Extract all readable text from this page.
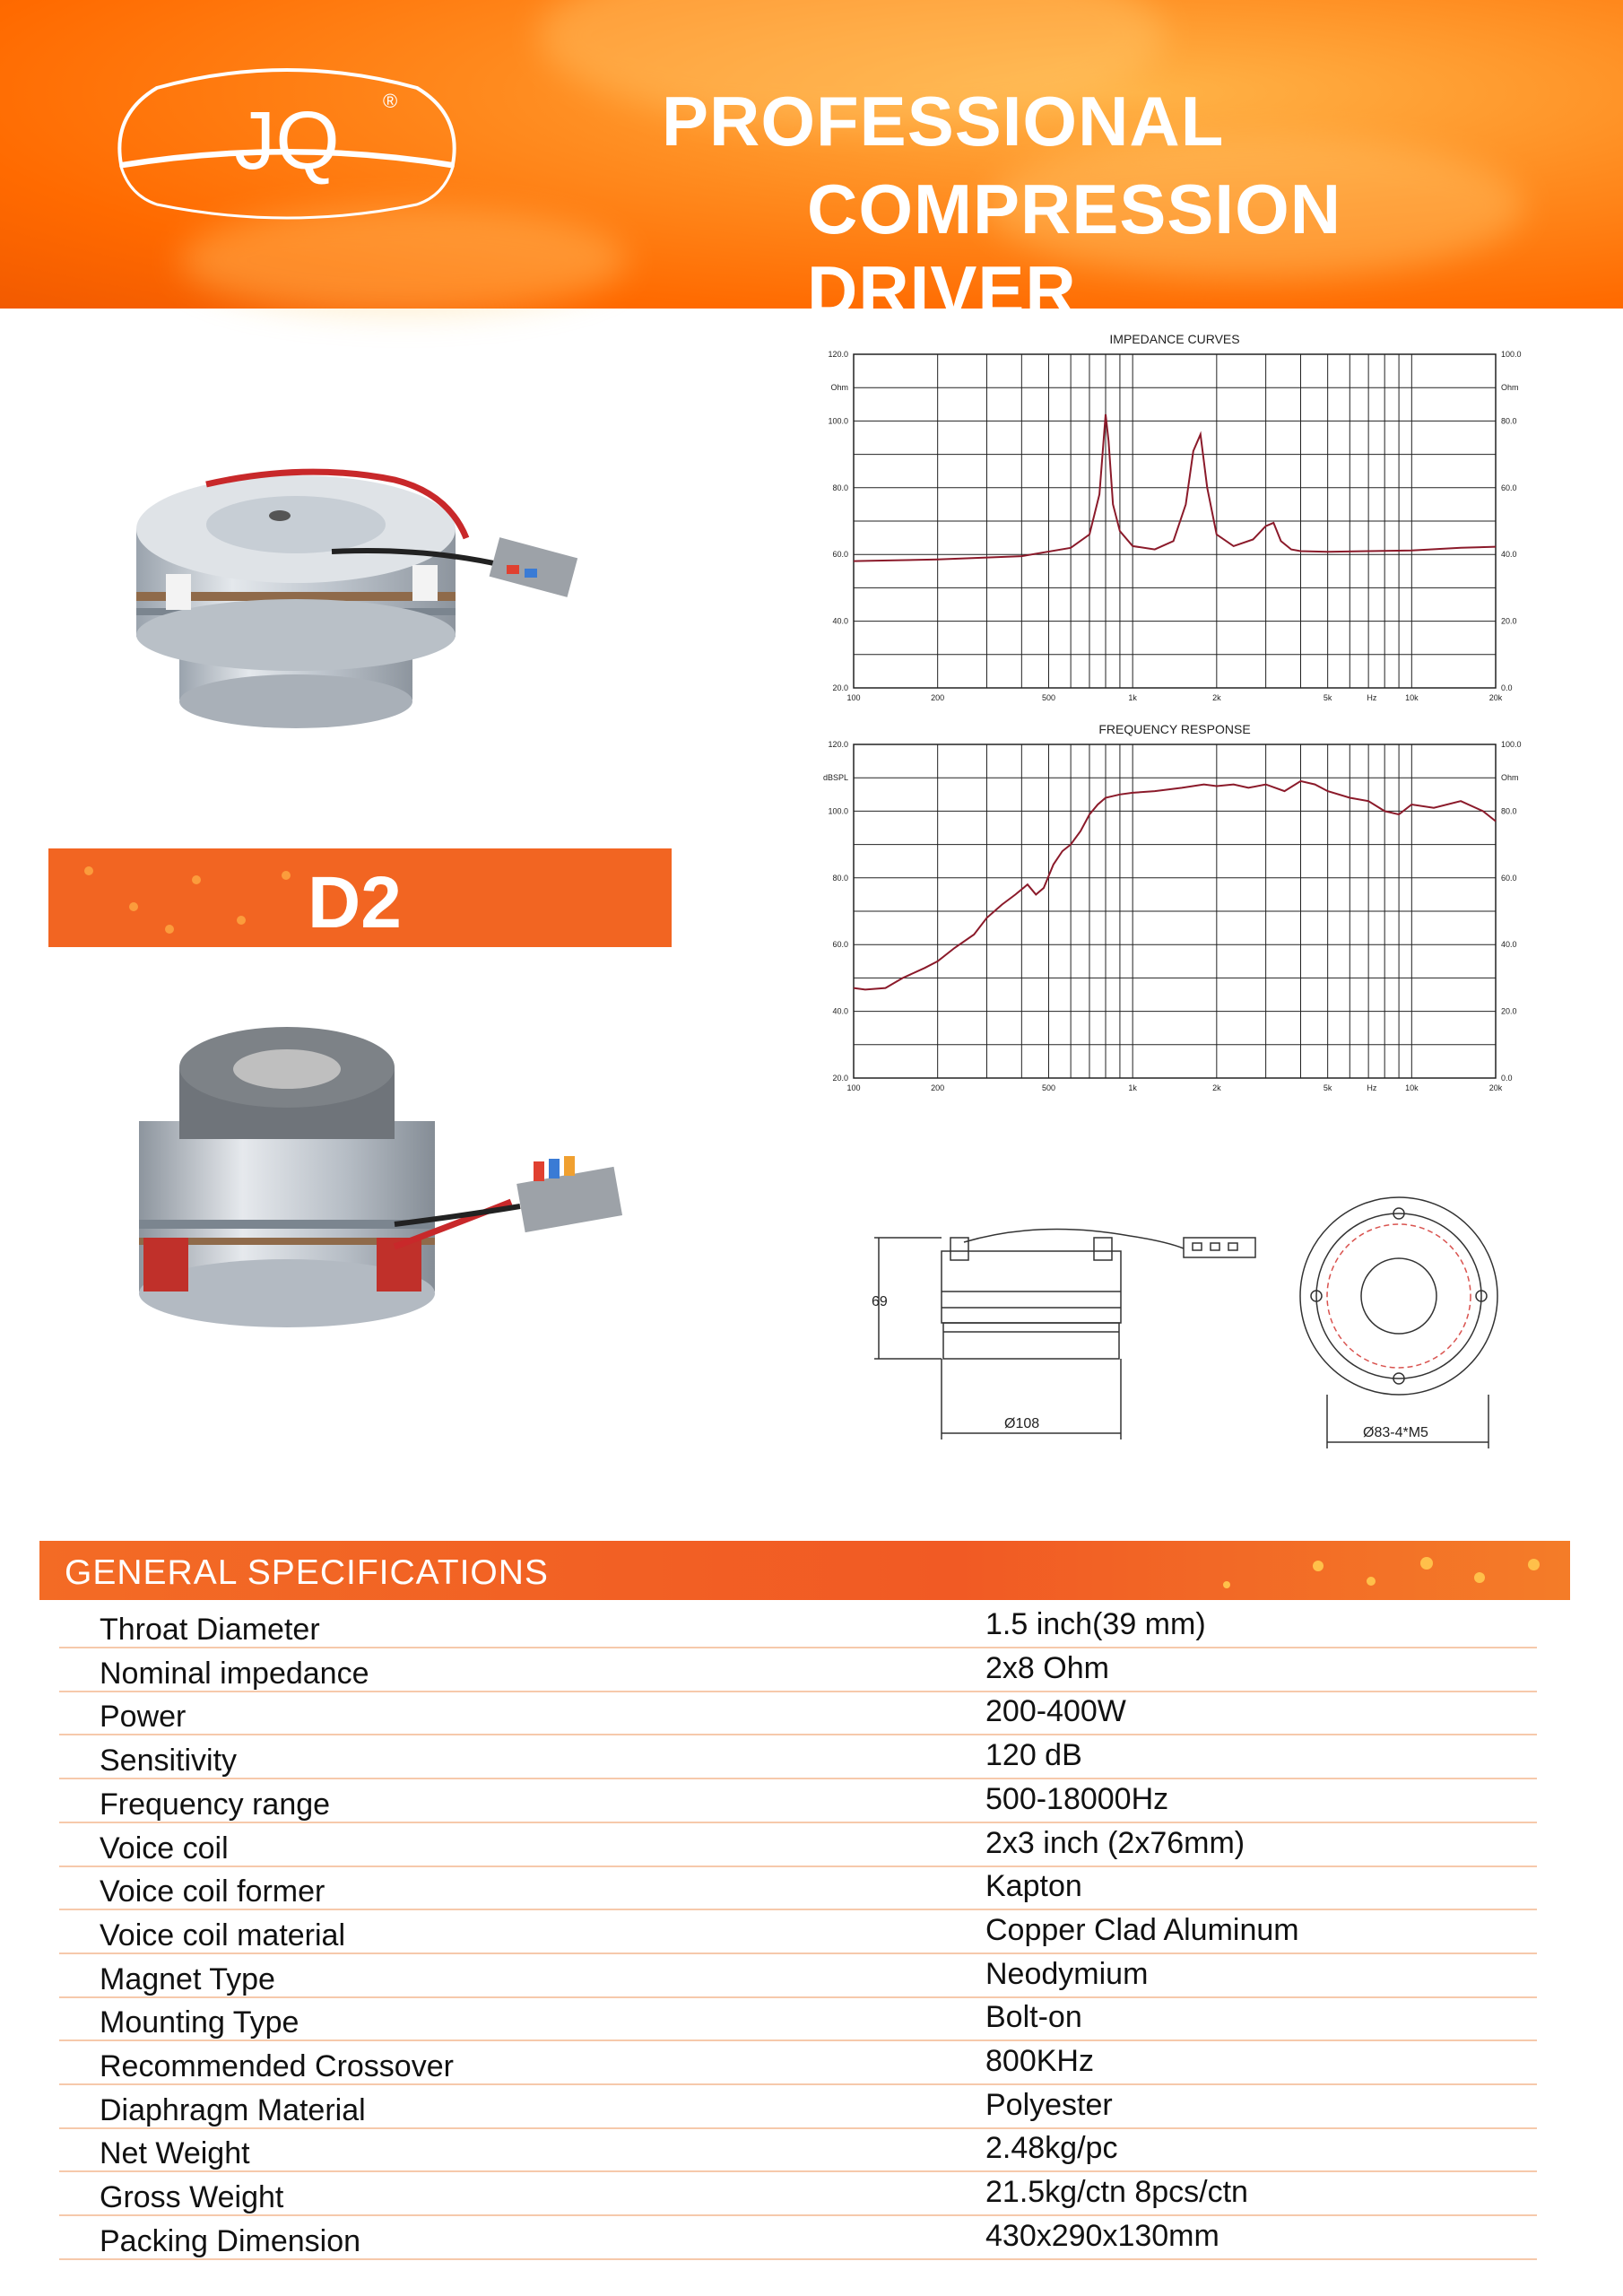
JQ ®	PROFESSIONAL
COMPRESSION DRIVER
D2
IMPEDANCE CURVES
100	200	500	1k	2k	5k	Hz	10k	20k
120.0
Ohm
100.0
80.0
60.0
40.0
20.0
100.0
Ohm
80.0
60.0
40.0
20.0
0.0
FREQUENCY RESPONSE
100	200	500	1k	2k	5k	Hz	10k	20k
120.0
dBSPL
100.0
80.0
60.0
40.0
20.0
100.0
Ohm
80.0
60.0
40.0
20.0
0.0
69
Ø108
Ø83-4*M5
GENERAL SPECIFICATIONS
Throat Diameter	1.5 inch(39 mm)
Nominal impedance	2x8 Ohm
Power	200-400W
Sensitivity	120 dB
Frequency range	500-18000Hz
Voice coil	2x3 inch (2x76mm)
Voice coil former	Kapton
Voice coil material	Copper Clad Aluminum
Magnet Type	Neodymium
Mounting Type	Bolt-on
Recommended Crossover	800KHz
Diaphragm Material	Polyester
Net Weight	2.48kg/pc
Gross Weight	21.5kg/ctn 8pcs/ctn
Packing Dimension	430x290x130mm
